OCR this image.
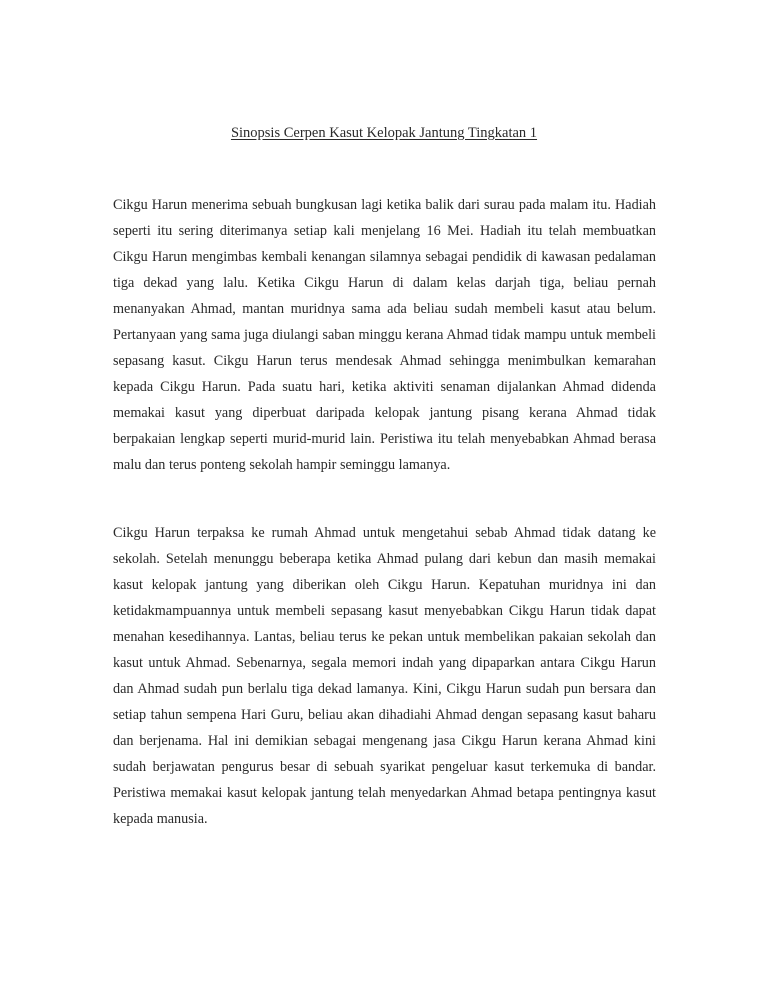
Sinopsis Cerpen Kasut Kelopak Jantung Tingkatan 1

Cikgu Harun menerima sebuah bungkusan lagi ketika balik dari surau pada malam itu. Hadiah seperti itu sering diterimanya setiap kali menjelang 16 Mei. Hadiah itu telah membuatkan Cikgu Harun mengimbas kembali kenangan silamnya sebagai pendidik di kawasan pedalaman tiga dekad yang lalu. Ketika Cikgu Harun di dalam kelas darjah tiga, beliau pernah menanyakan Ahmad, mantan muridnya sama ada beliau sudah membeli kasut atau belum. Pertanyaan yang sama juga diulangi saban minggu kerana Ahmad tidak mampu untuk membeli sepasang kasut. Cikgu Harun terus mendesak Ahmad sehingga menimbulkan kemarahan kepada Cikgu Harun. Pada suatu hari, ketika aktiviti senaman dijalankan Ahmad didenda memakai kasut yang diperbuat daripada kelopak jantung pisang kerana Ahmad tidak berpakaian lengkap seperti murid-murid lain. Peristiwa itu telah menyebabkan Ahmad berasa malu dan terus ponteng sekolah hampir seminggu lamanya.

Cikgu Harun terpaksa ke rumah Ahmad untuk mengetahui sebab Ahmad tidak datang ke sekolah. Setelah menunggu beberapa ketika Ahmad pulang dari kebun dan masih memakai kasut kelopak jantung yang diberikan oleh Cikgu Harun. Kepatuhan muridnya ini dan ketidakmampuannya untuk membeli sepasang kasut menyebabkan Cikgu Harun tidak dapat menahan kesedihannya. Lantas, beliau terus ke pekan untuk membelikan pakaian sekolah dan kasut untuk Ahmad. Sebenarnya, segala memori indah yang dipaparkan antara Cikgu Harun dan Ahmad sudah pun berlalu tiga dekad lamanya. Kini, Cikgu Harun sudah pun bersara dan setiap tahun sempena Hari Guru, beliau akan dihadiahi Ahmad dengan sepasang kasut baharu dan berjenama. Hal ini demikian sebagai mengenang jasa Cikgu Harun kerana Ahmad kini sudah berjawatan pengurus besar di sebuah syarikat pengeluar kasut terkemuka di bandar. Peristiwa memakai kasut kelopak jantung telah menyedarkan Ahmad betapa pentingnya kasut kepada manusia.
